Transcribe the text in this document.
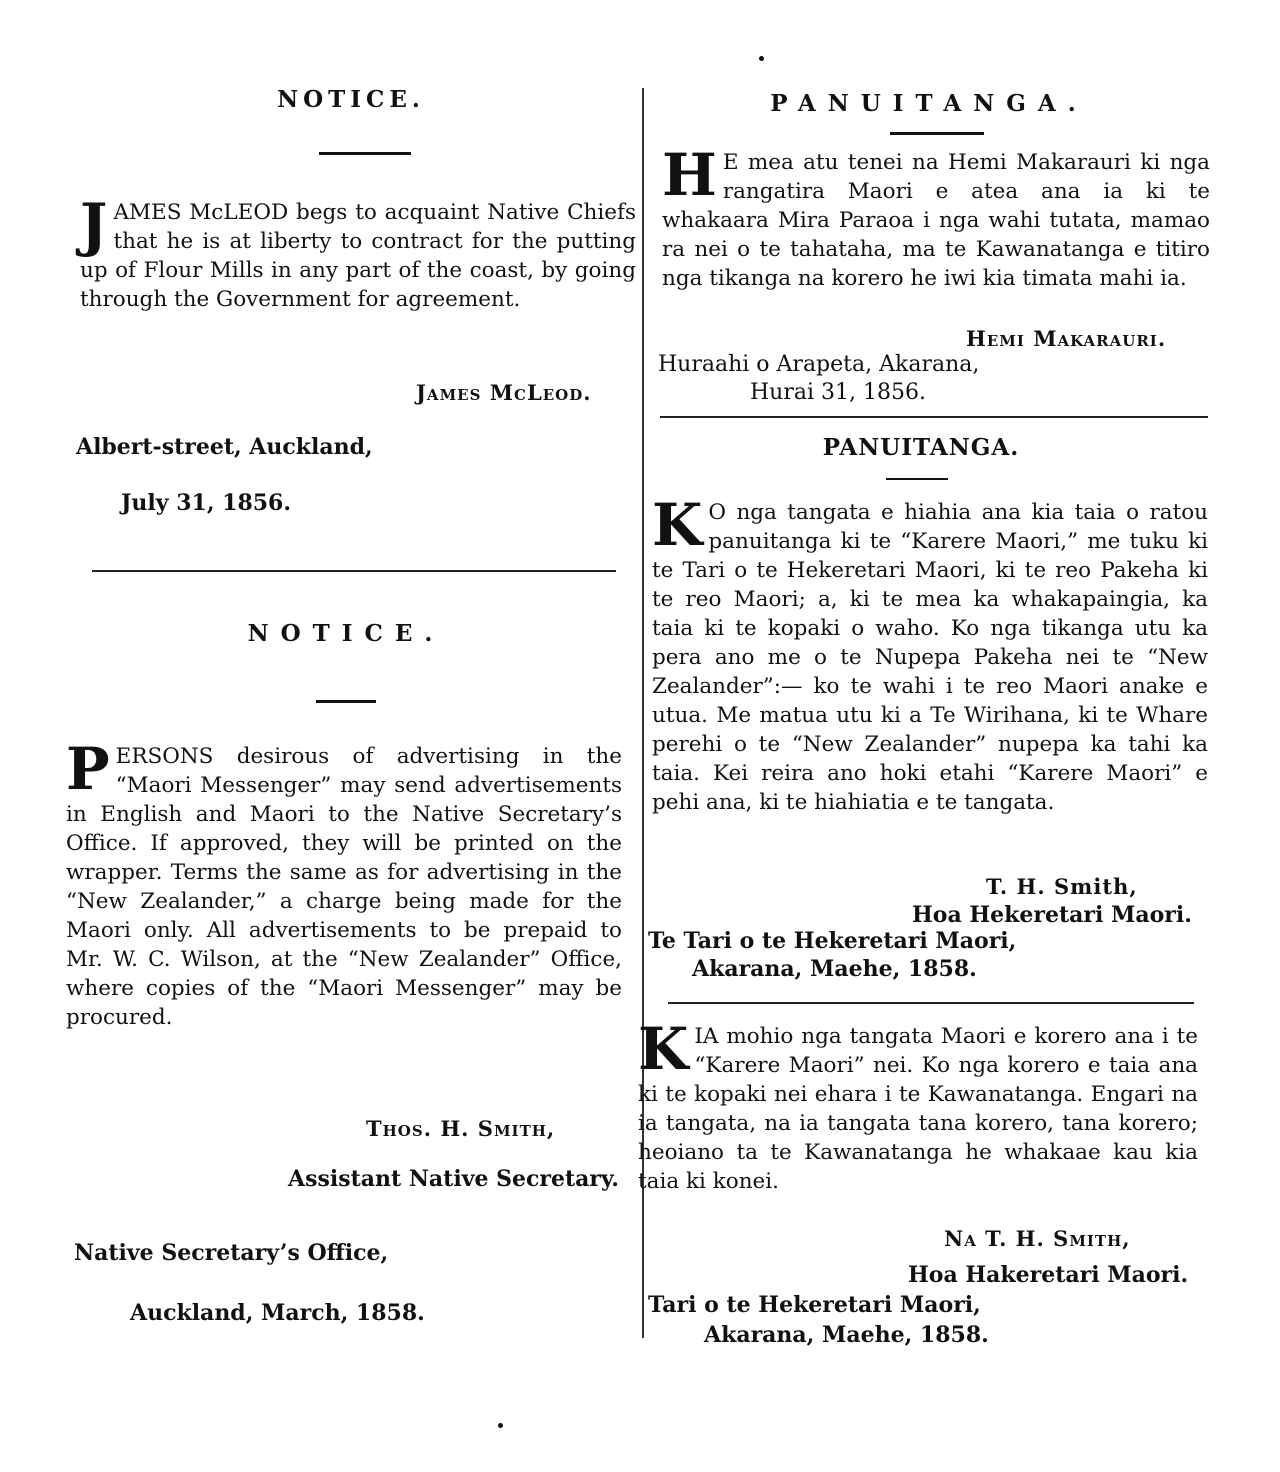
NOTICE.
JAMES McLEOD begs to acquaint Native Chiefs that he is at liberty to contract for the putting up of Flour Mills in any part of the coast, by going through the Government for agreement.
James McLeod.
Albert-street, Auckland,
July 31, 1856.
NOTICE.
PERSONS desirous of advertising in the “Maori Messenger” may send advertisements in English and Maori to the Native Secretary’s Office. If approved, they will be printed on the wrapper. Terms the same as for advertising in the “New Zealander,” a charge being made for the Maori only. All advertisements to be prepaid to Mr. W. C. Wilson, at the “New Zealander” Office, where copies of the “Maori Messenger” may be procured.
Thos. H. Smith,
Assistant Native Secretary.
Native Secretary’s Office,
Auckland, March, 1858.
PANUITANGA.
H E mea atu tenei na Hemi Makarauri ki nga rangatira Maori e atea ana ia ki te whakaara Mira Paraoa i nga wahi tutata, mamao ra nei o te tahataha, ma te Kawanatanga e titiro nga tikanga na korero he iwi kia timata mahi ia.
Hemi Makarauri.
Huraahi o Arapeta, Akarana,
Hurai 31, 1856.
PANUITANGA.
K O nga tangata e hiahia ana kia taia o ratou panuitanga ki te “Karere Maori,” me tuku ki te Tari o te Hekeretari Maori, ki te reo Pakeha ki te reo Maori; a, ki te mea ka whakapaingia, ka taia ki te kopaki o waho. Ko nga tikanga utu ka pera ano me o te Nupepa Pakeha nei te “New Zealander”:— ko te wahi i te reo Maori anake e utua. Me matua utu ki a Te Wirihana, ki te Whare perehi o te “New Zealander” nupepa ka tahi ka taia. Kei reira ano hoki etahi “Karere Maori” e pehi ana, ki te hiahiatia e te tangata.
T. H. Smith,
Hoa Hekeretari Maori.
Te Tari o te Hekeretari Maori,
Akarana, Maehe, 1858.
KIA mohio nga tangata Maori e korero ana i te “Karere Maori” nei. Ko nga korero e taia ana ki te kopaki nei ehara i te Kawanatanga. Engari na ia tangata, na ia tangata tana korero, tana korero; heoiano ta te Kawanatanga he whakaae kau kia taia ki konei.
Na T. H. Smith,
Hoa Hakeretari Maori.
Tari o te Hekeretari Maori,
Akarana, Maehe, 1858.
